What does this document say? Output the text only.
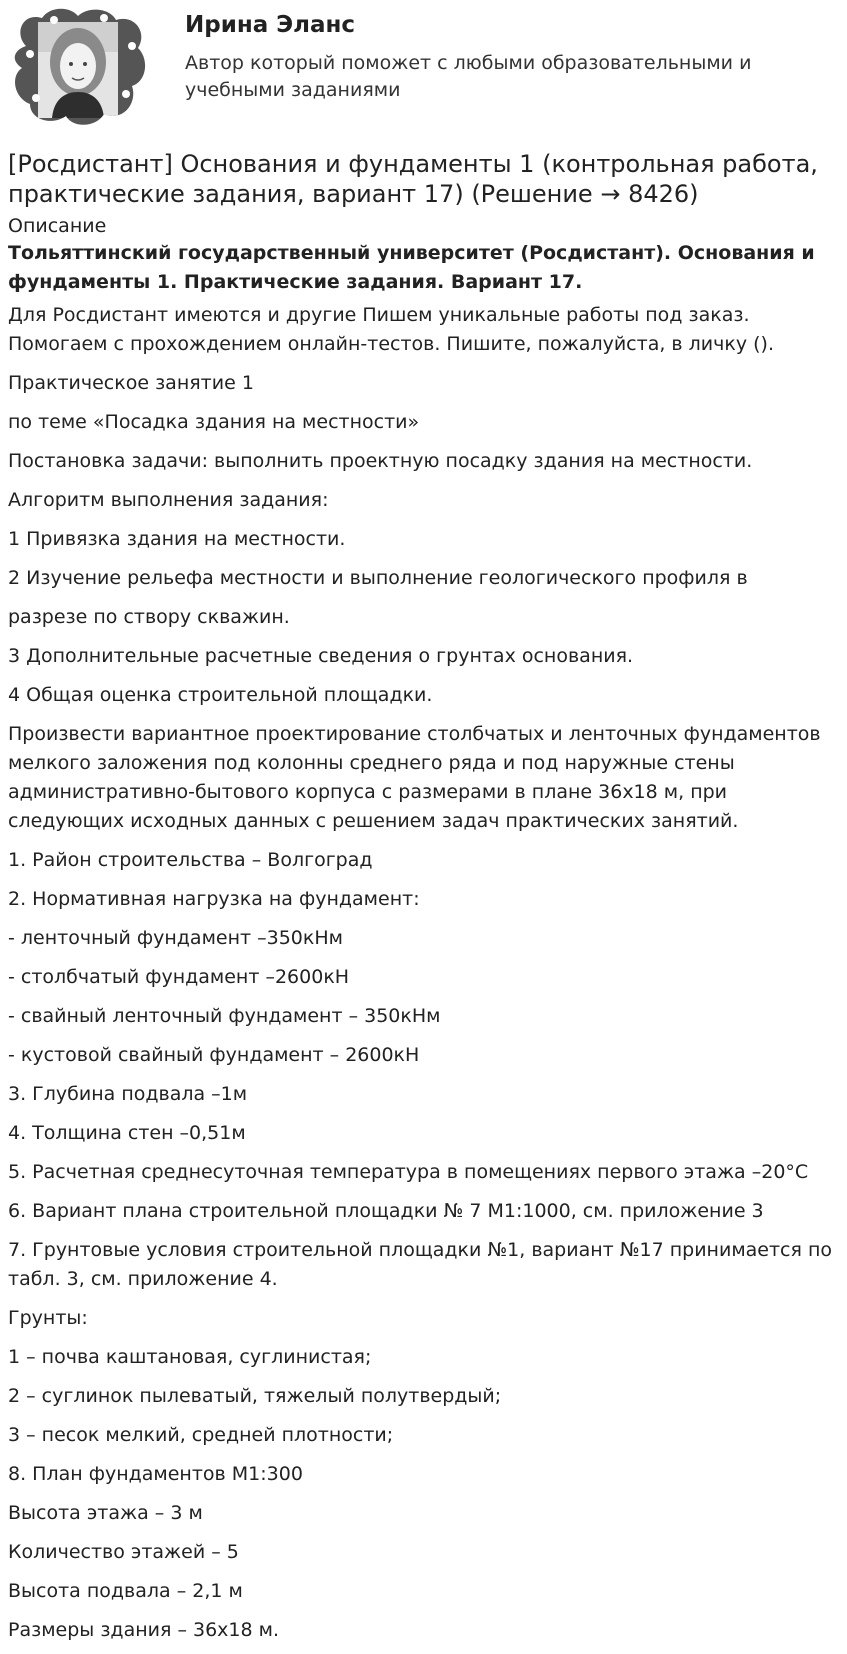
Ирина Эланс

Автор который поможет с любыми образовательными и учебными заданиями

[Росдистант] Основания и фундаменты 1 (контрольная работа, практические задания, вариант 17) (Решение → 8426)
Описание

Тольяттинский государственный университет (Росдистант). Основания и фундаменты 1. Практические задания. Вариант 17.

Для Росдистант имеются и другие Пишем уникальные работы под заказ. Помогаем с прохождением онлайн-тестов. Пишите, пожалуйста, в личку ().

Практическое занятие 1

по теме «Посадка здания на местности»

Постановка задачи: выполнить проектную посадку здания на местности.

Алгоритм выполнения задания:

1 Привязка здания на местности.

2 Изучение рельефа местности и выполнение геологического профиля в

разрезе по створу скважин.

3 Дополнительные расчетные сведения о грунтах основания.

4 Общая оценка строительной площадки.

Произвести вариантное проектирование столбчатых и ленточных фундаментов мелкого заложения под колонны среднего ряда и под наружные стены административно-бытового корпуса с размерами в плане 36х18 м, при следующих исходных данных с решением задач практических занятий.

1. Район строительства – Волгоград

2. Нормативная нагрузка на фундамент:

- ленточный фундамент –350кНм

- столбчатый фундамент –2600кН

- свайный ленточный фундамент – 350кНм

- кустовой свайный фундамент – 2600кН

3. Глубина подвала –1м

4. Толщина стен –0,51м

5. Расчетная среднесуточная температура в помещениях первого этажа –20°С

6. Вариант плана строительной площадки № 7 М1:1000, см. приложение 3

7. Грунтовые условия строительной площадки №1, вариант №17 принимается по табл. 3, см. приложение 4.

Грунты:

1 – почва каштановая, суглинистая;

2 – суглинок пылеватый, тяжелый полутвердый;

3 – песок мелкий, средней плотности;

8. План фундаментов М1:300

Высота этажа – 3 м

Количество этажей – 5

Высота подвала – 2,1 м

Размеры здания – 36х18 м.
